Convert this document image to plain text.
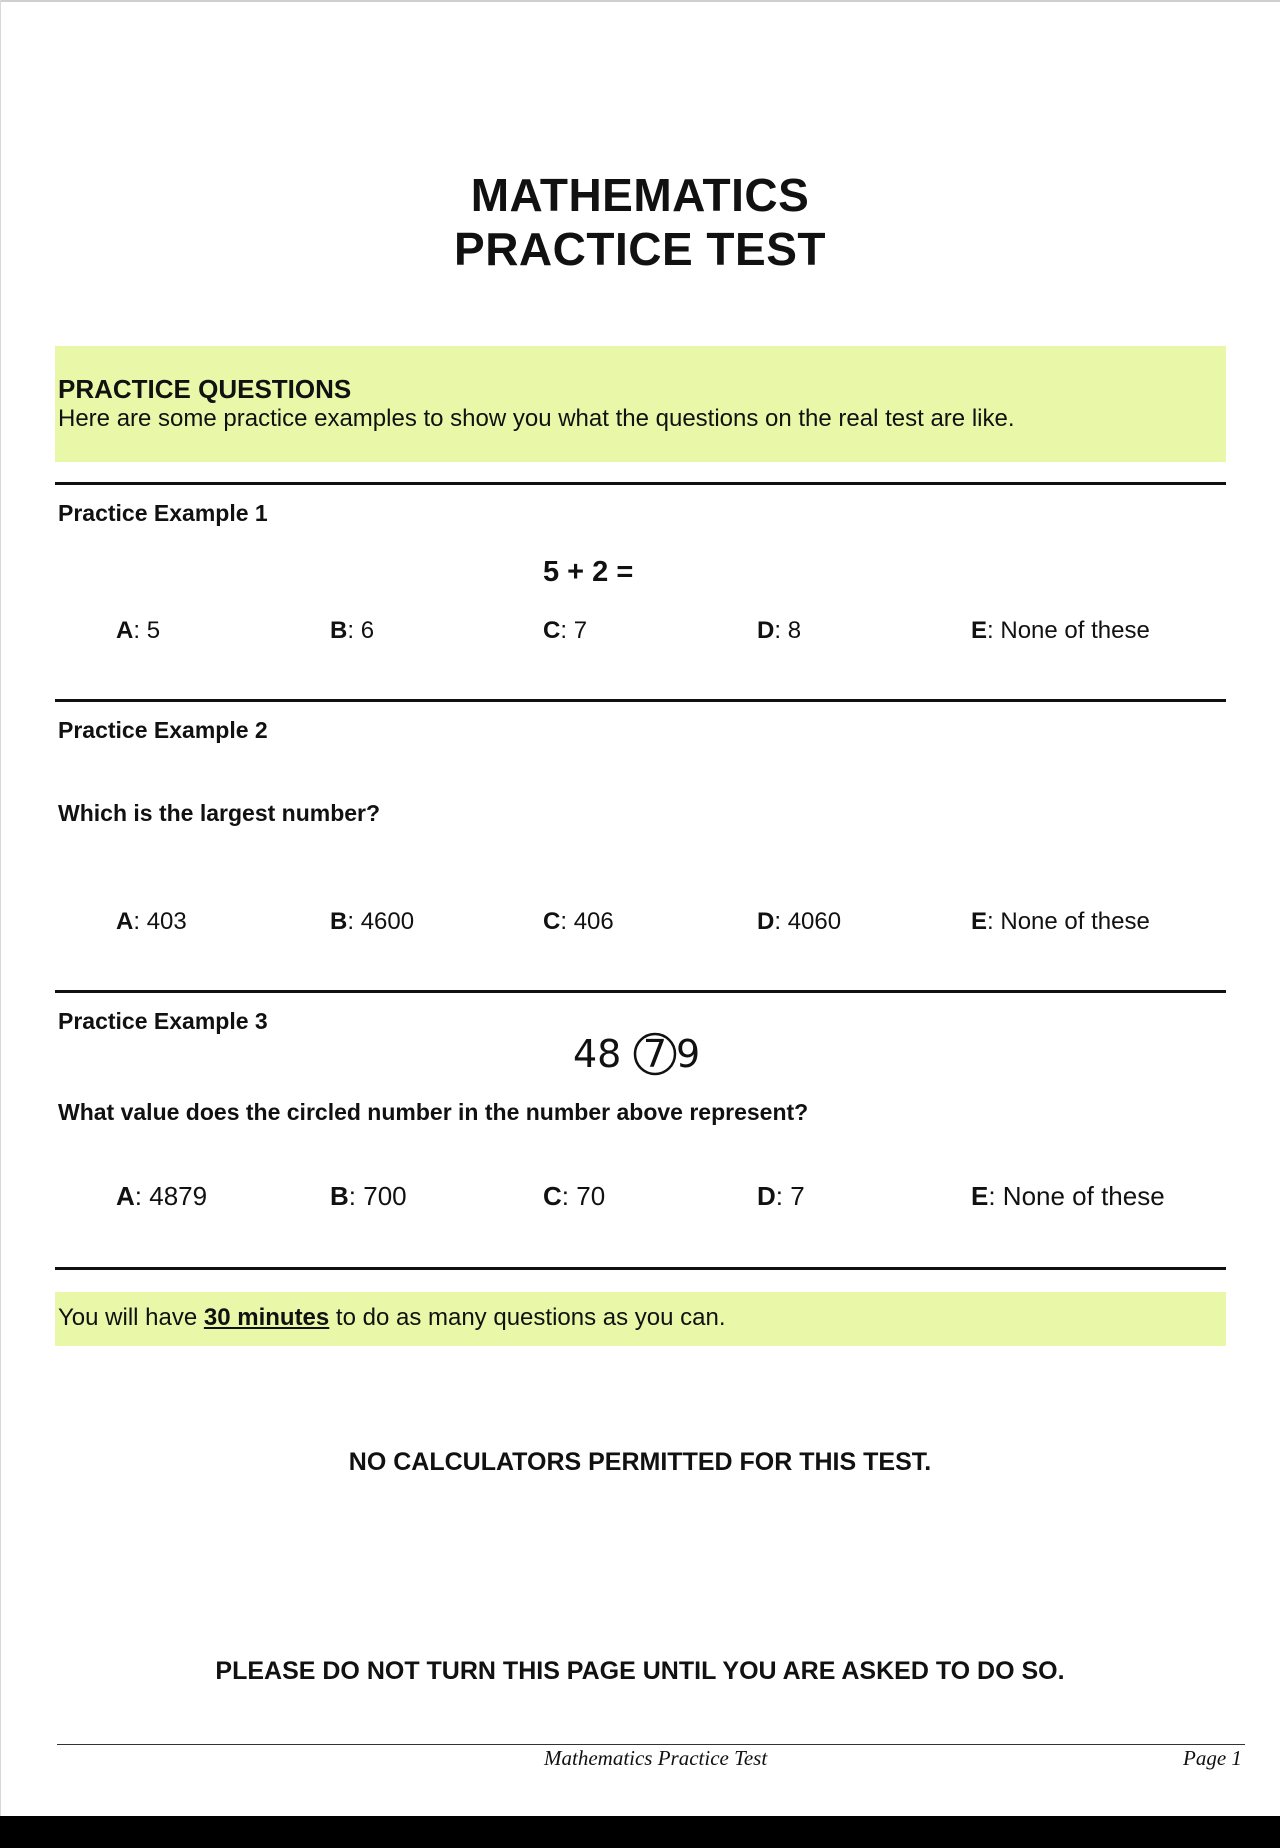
MATHEMATICS
PRACTICE TEST
PRACTICE QUESTIONS
Here are some practice examples to show you what the questions on the real test are like.
Practice Example 1
5 + 2 =
A: 5	B: 6	C: 7	D: 8	E: None of these
Practice Example 2
Which is the largest number?
A: 403	B: 4600	C: 406	D: 4060	E: None of these
Practice Example 3
48 7 9
What value does the circled number in the number above represent?
A: 4879	B: 700	C: 70	D: 7	E: None of these
You will have 30 minutes to do as many questions as you can.
NO CALCULATORS PERMITTED FOR THIS TEST.
PLEASE DO NOT TURN THIS PAGE UNTIL YOU ARE ASKED TO DO SO.
Mathematics Practice Test	Page 1
